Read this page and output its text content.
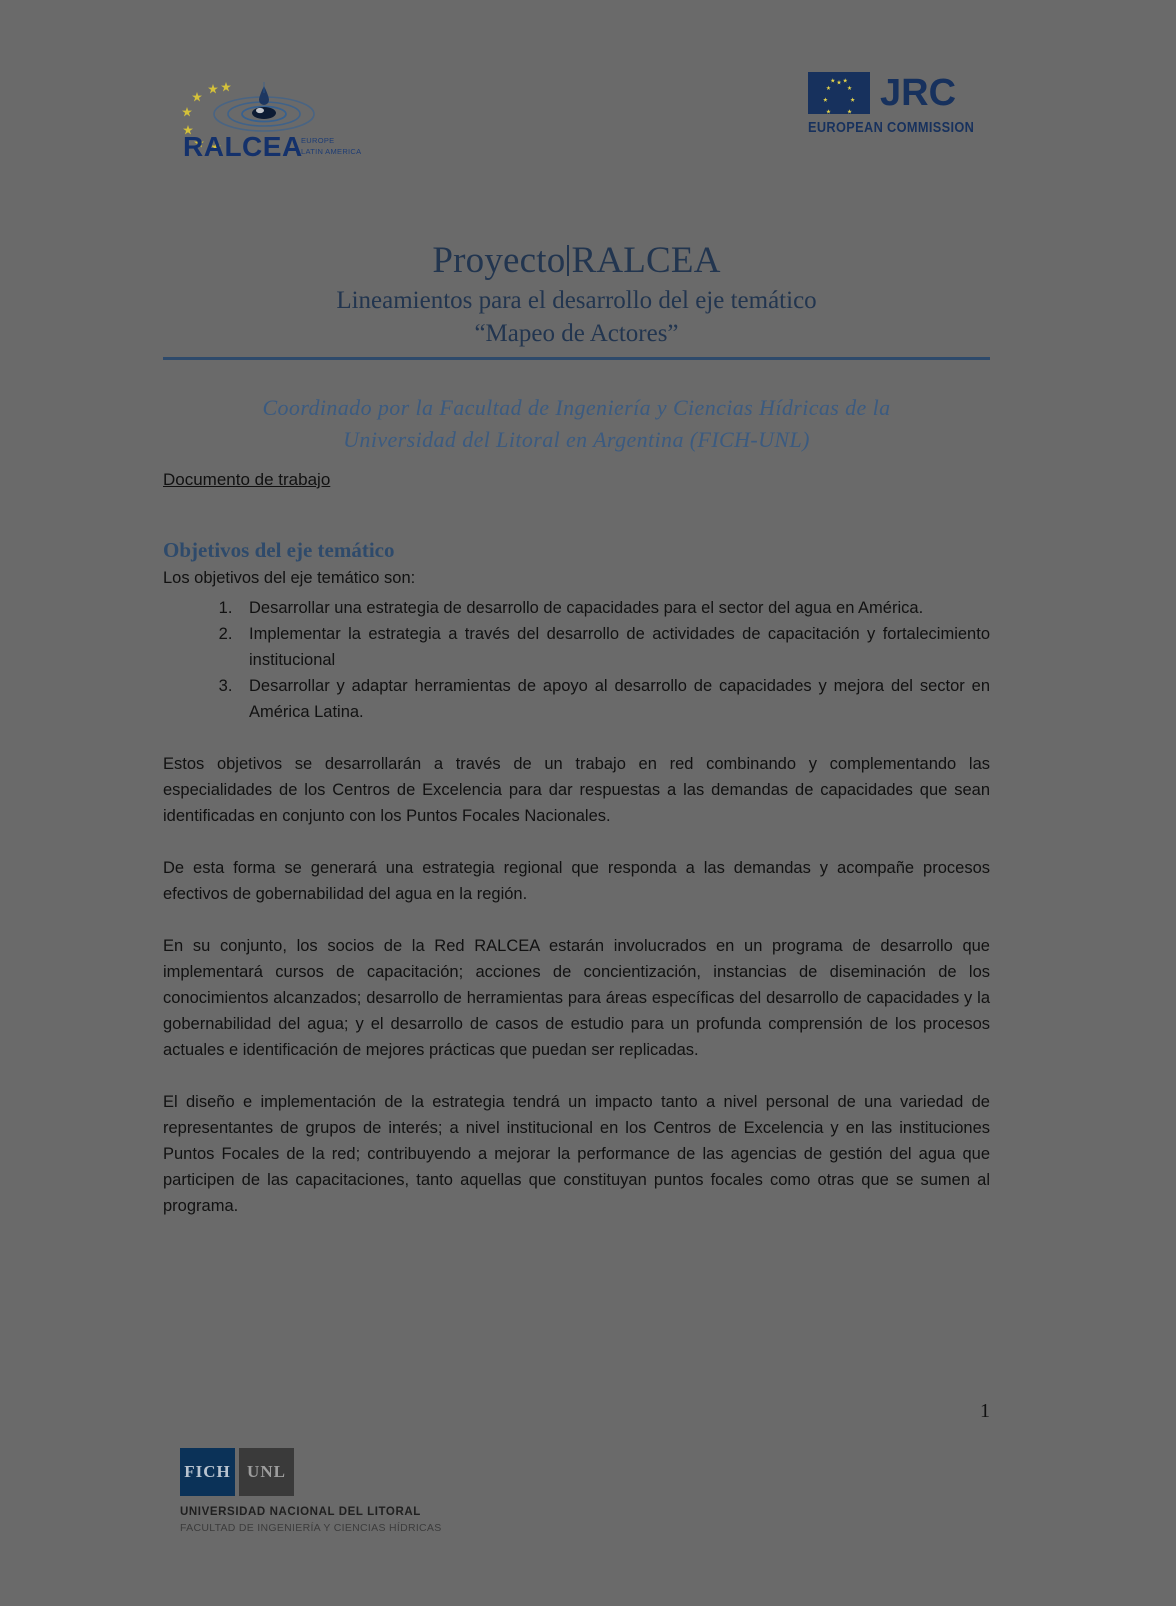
RALCEA
EUROPE
LATIN AMERICA
JRC
EUROPEAN COMMISSION
Proyecto RALCEA
Lineamientos para el desarrollo del eje temático
“Mapeo de Actores”
Coordinado por la Facultad de Ingeniería y Ciencias Hídricas de la
Universidad del Litoral en Argentina (FICH-UNL)
Documento de trabajo
Objetivos del eje temático
Los objetivos del eje temático son:
1. Desarrollar una estrategia de desarrollo de capacidades para el sector del agua en América.
2. Implementar la estrategia a través del desarrollo de actividades de capacitación y fortalecimiento institucional
3. Desarrollar y adaptar herramientas de apoyo al desarrollo de capacidades y mejora del sector en América Latina.

Estos objetivos se desarrollarán a través de un trabajo en red combinando y complementando las especialidades de los Centros de Excelencia para dar respuestas a las demandas de capacidades que sean identificadas en conjunto con los Puntos Focales Nacionales.

De esta forma se generará una estrategia regional que responda a las demandas y acompañe procesos efectivos de gobernabilidad del agua en la región.

En su conjunto, los socios de la Red RALCEA estarán involucrados en un programa de desarrollo que implementará cursos de capacitación; acciones de concientización, instancias de diseminación de los conocimientos alcanzados; desarrollo de herramientas para áreas específicas del desarrollo de capacidades y la gobernabilidad del agua; y el desarrollo de casos de estudio para un profunda comprensión de los procesos actuales e identificación de mejores prácticas que puedan ser replicadas.

El diseño e implementación de la estrategia tendrá un impacto tanto a nivel personal de una variedad de representantes de grupos de interés; a nivel institucional en los Centros de Excelencia y en las instituciones Puntos Focales de la red; contribuyendo a mejorar la performance de las agencias de gestión del agua que participen de las capacitaciones, tanto aquellas que constituyan puntos focales como otras que se sumen al programa.

1
FICH UNL
UNIVERSIDAD NACIONAL DEL LITORAL
FACULTAD DE INGENIERÍA Y CIENCIAS HÍDRICAS
